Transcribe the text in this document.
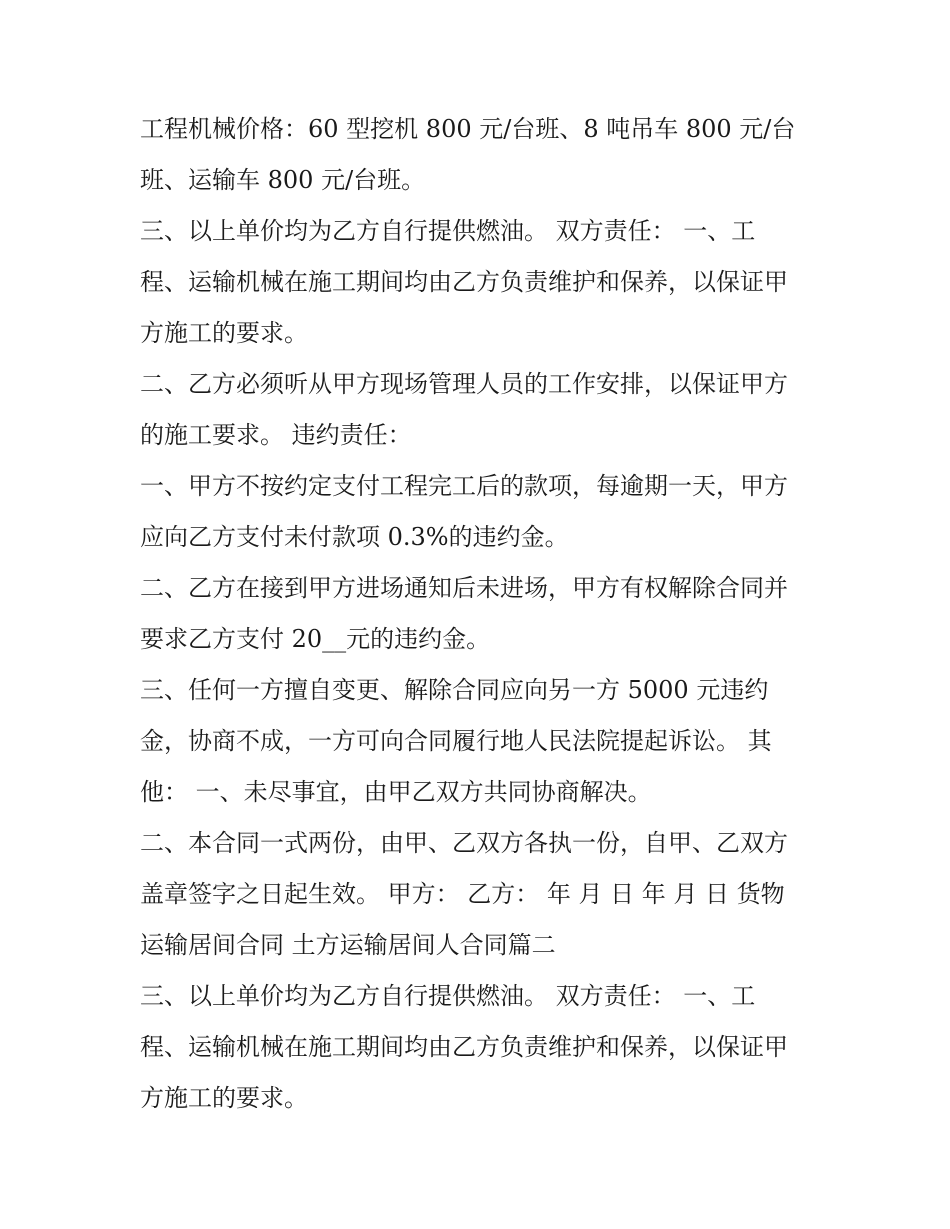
工程机械价格：60 型挖机 800 元/台班、8 吨吊车 800 元/台
班、运输车 800 元/台班。
三、以上单价均为乙方自行提供燃油。 双方责任： 一、工
程、运输机械在施工期间均由乙方负责维护和保养，以保证甲
方施工的要求。
二、乙方必须听从甲方现场管理人员的工作安排，以保证甲方
的施工要求。 违约责任：
一、甲方不按约定支付工程完工后的款项，每逾期一天，甲方
应向乙方支付未付款项 0.3%的违约金。
二、乙方在接到甲方进场通知后未进场，甲方有权解除合同并
要求乙方支付 20__元的违约金。
三、任何一方擅自变更、解除合同应向另一方 5000 元违约
金，协商不成，一方可向合同履行地人民法院提起诉讼。 其
他： 一、未尽事宜，由甲乙双方共同协商解决。
二、本合同一式两份，由甲、乙双方各执一份，自甲、乙双方
盖章签字之日起生效。 甲方： 乙方： 年 月 日 年 月 日 货物
运输居间合同 土方运输居间人合同篇二
三、以上单价均为乙方自行提供燃油。 双方责任： 一、工
程、运输机械在施工期间均由乙方负责维护和保养，以保证甲
方施工的要求。
